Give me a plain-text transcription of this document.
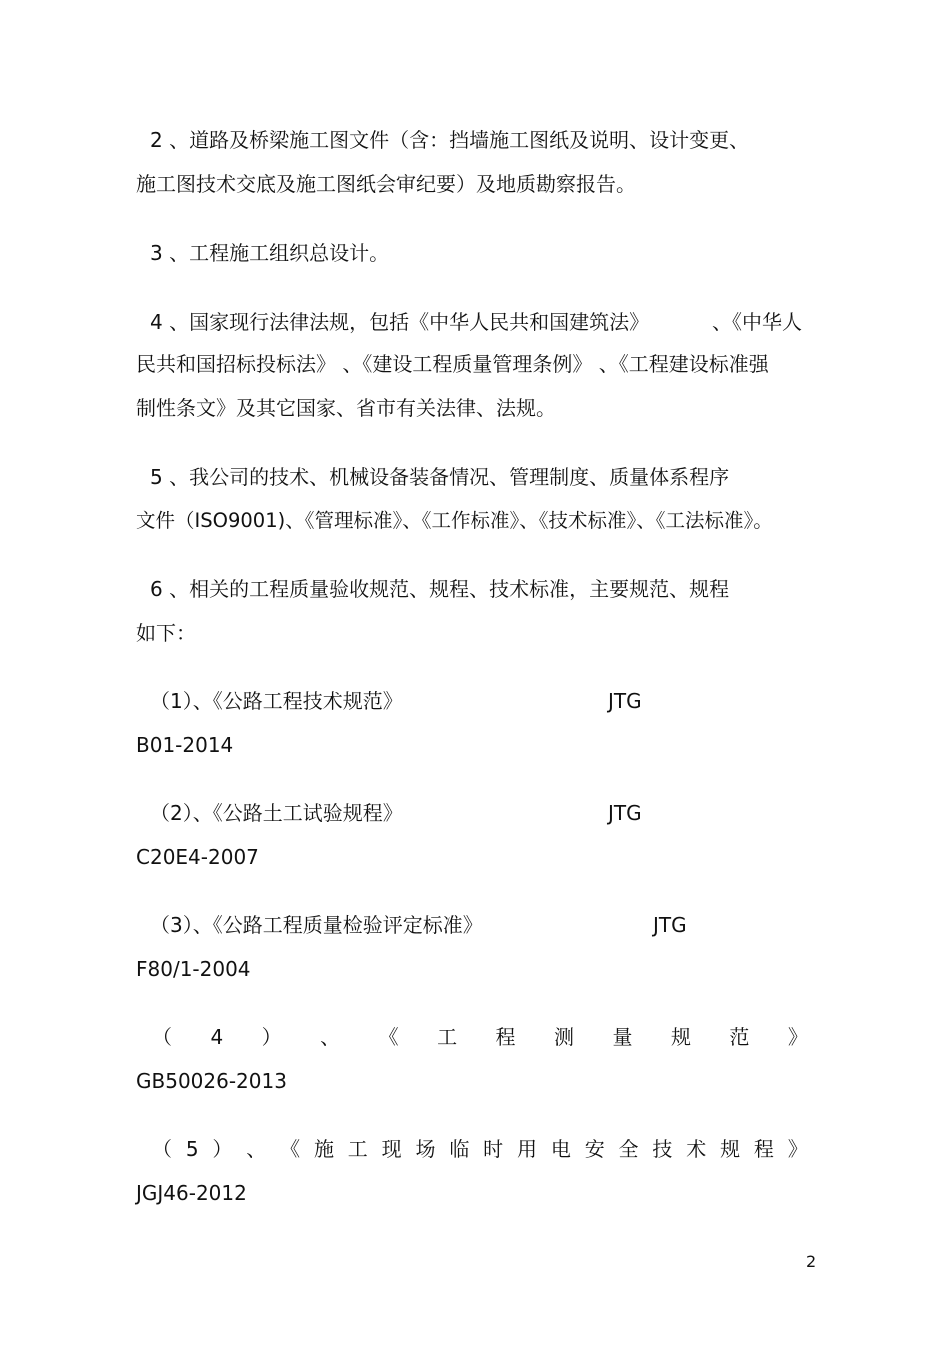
2 、道路及桥梁施工图文件（含：挡墙施工图纸及说明、设计变更、
施工图技术交底及施工图纸会审纪要）及地质勘察报告。
3 、工程施工组织总设计。
4 、国家现行法律法规，包括《中华人民共和国建筑法》	、《中华人
民共和国招标投标法》 、《建设工程质量管理条例》 、《工程建设标准强
制性条文》及其它国家、省市有关法律、法规。
5 、我公司的技术、机械设备装备情况、管理制度、质量体系程序
文件（ISO9001)、《管理标准》、《工作标准》、《技术标准》、《工法标准》。
6 、相关的工程质量验收规范、规程、技术标准，主要规范、规程
如下：
（1）、《公路工程技术规范》	JTG
B01-2014
（2）、《公路土工试验规程》	JTG
C20E4-2007
（3）、《公路工程质量检验评定标准》	JTG
F80/1-2004
（ 4 ） 、 《 工 程 测 量 规 范 》
GB50026-2013
（ 5 ） 、 《 施 工 现 场 临 时 用 电 安 全 技 术 规 程 》
JGJ46-2012
2
